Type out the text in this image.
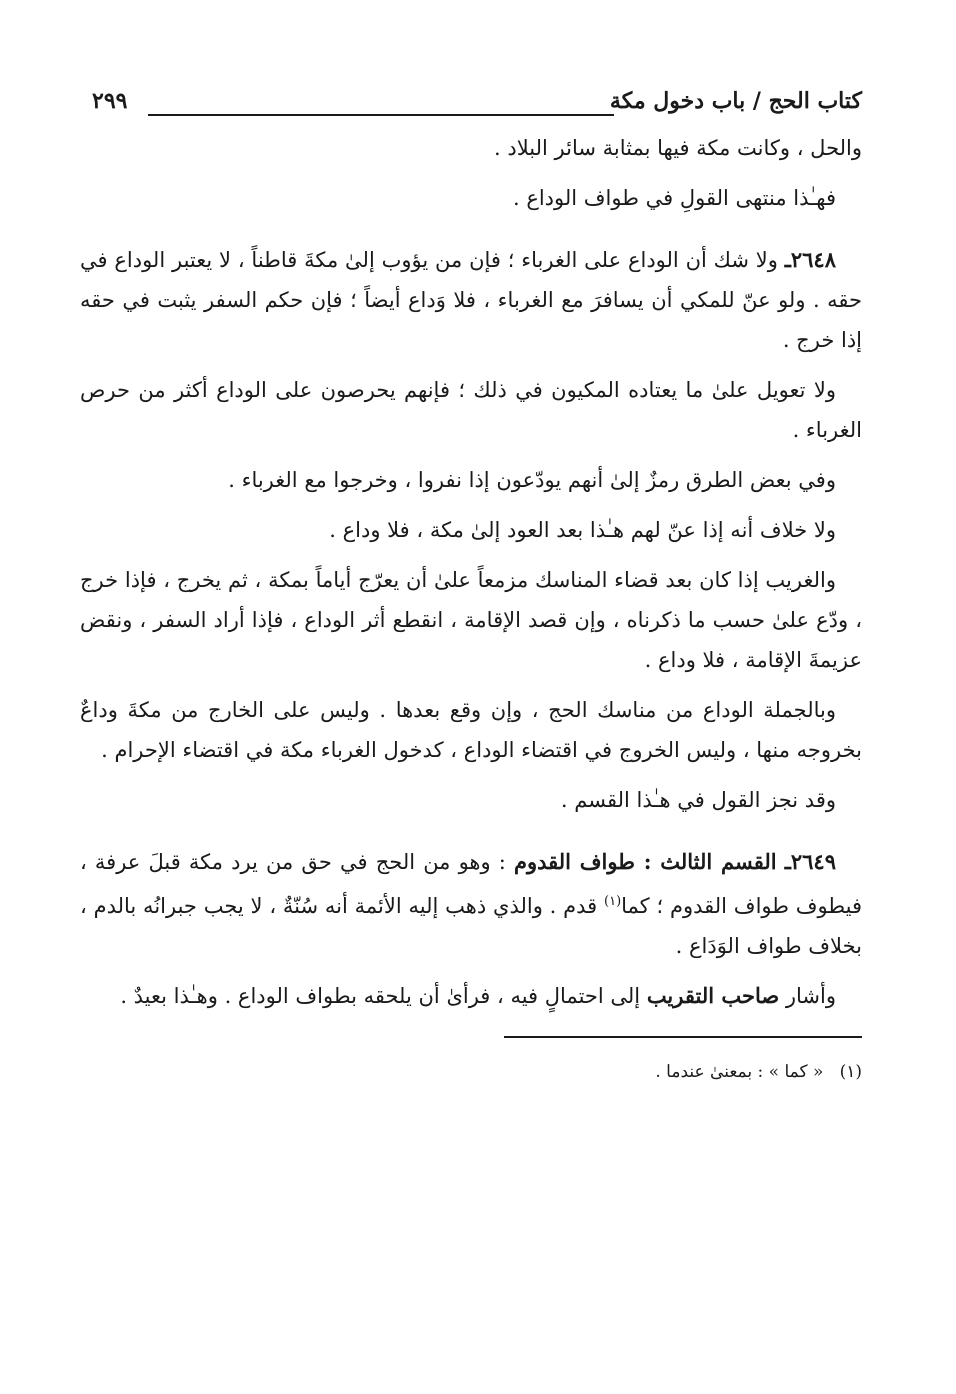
كتاب الحج / باب دخول مكة
٢٩٩

والحل ، وكانت مكة فيها بمثابة سائر البلاد .

فهـٰذا منتهى القولِ في طواف الوداع .

٢٦٤٨ـ ولا شك أن الوداع على الغرباء ؛ فإن من يؤوب إلىٰ مكةَ قاطناً ، لا يعتبر الوداع في حقه . ولو عنّ للمكي أن يسافرَ مع الغرباء ، فلا وَداع أيضاً ؛ فإن حكم السفر يثبت في حقه إذا خرج .

ولا تعويل علىٰ ما يعتاده المكيون في ذلك ؛ فإنهم يحرصون على الوداع أكثر من حرص الغرباء .

وفي بعض الطرق رمزٌ إلىٰ أنهم يودّعون إذا نفروا ، وخرجوا مع الغرباء .

ولا خلاف أنه إذا عنّ لهم هـٰذا بعد العود إلىٰ مكة ، فلا وداع .

والغريب إذا كان بعد قضاء المناسك مزمعاً علىٰ أن يعرّج أياماً بمكة ، ثم يخرج ، فإذا خرج ، ودّع علىٰ حسب ما ذكرناه ، وإن قصد الإقامة ، انقطع أثر الوداع ، فإذا أراد السفر ، ونقض عزيمةَ الإقامة ، فلا وداع .

وبالجملة الوداع من مناسك الحج ، وإن وقع بعدها . وليس على الخارج من مكةَ وداعٌ بخروجه منها ، وليس الخروج في اقتضاء الوداع ، كدخول الغرباء مكة في اقتضاء الإحرام .

وقد نجز القول في هـٰذا القسم .

٢٦٤٩ـ القسم الثالث : طواف القدوم : وهو من الحج في حق من يرد مكة قبلَ عرفة ، فيطوف طواف القدوم ؛ كما$^{(١)}$ قدم . والذي ذهب إليه الأئمة أنه سُنّةٌ ، لا يجب جبرانُه بالدم ، بخلاف طواف الوَدَاع .

وأشار صاحب التقريب إلى احتمالٍ فيه ، فرأىٰ أن يلحقه بطواف الوداع . وهـٰذا بعيدٌ .

(١)   « كما » : بمعنىٰ عندما .
